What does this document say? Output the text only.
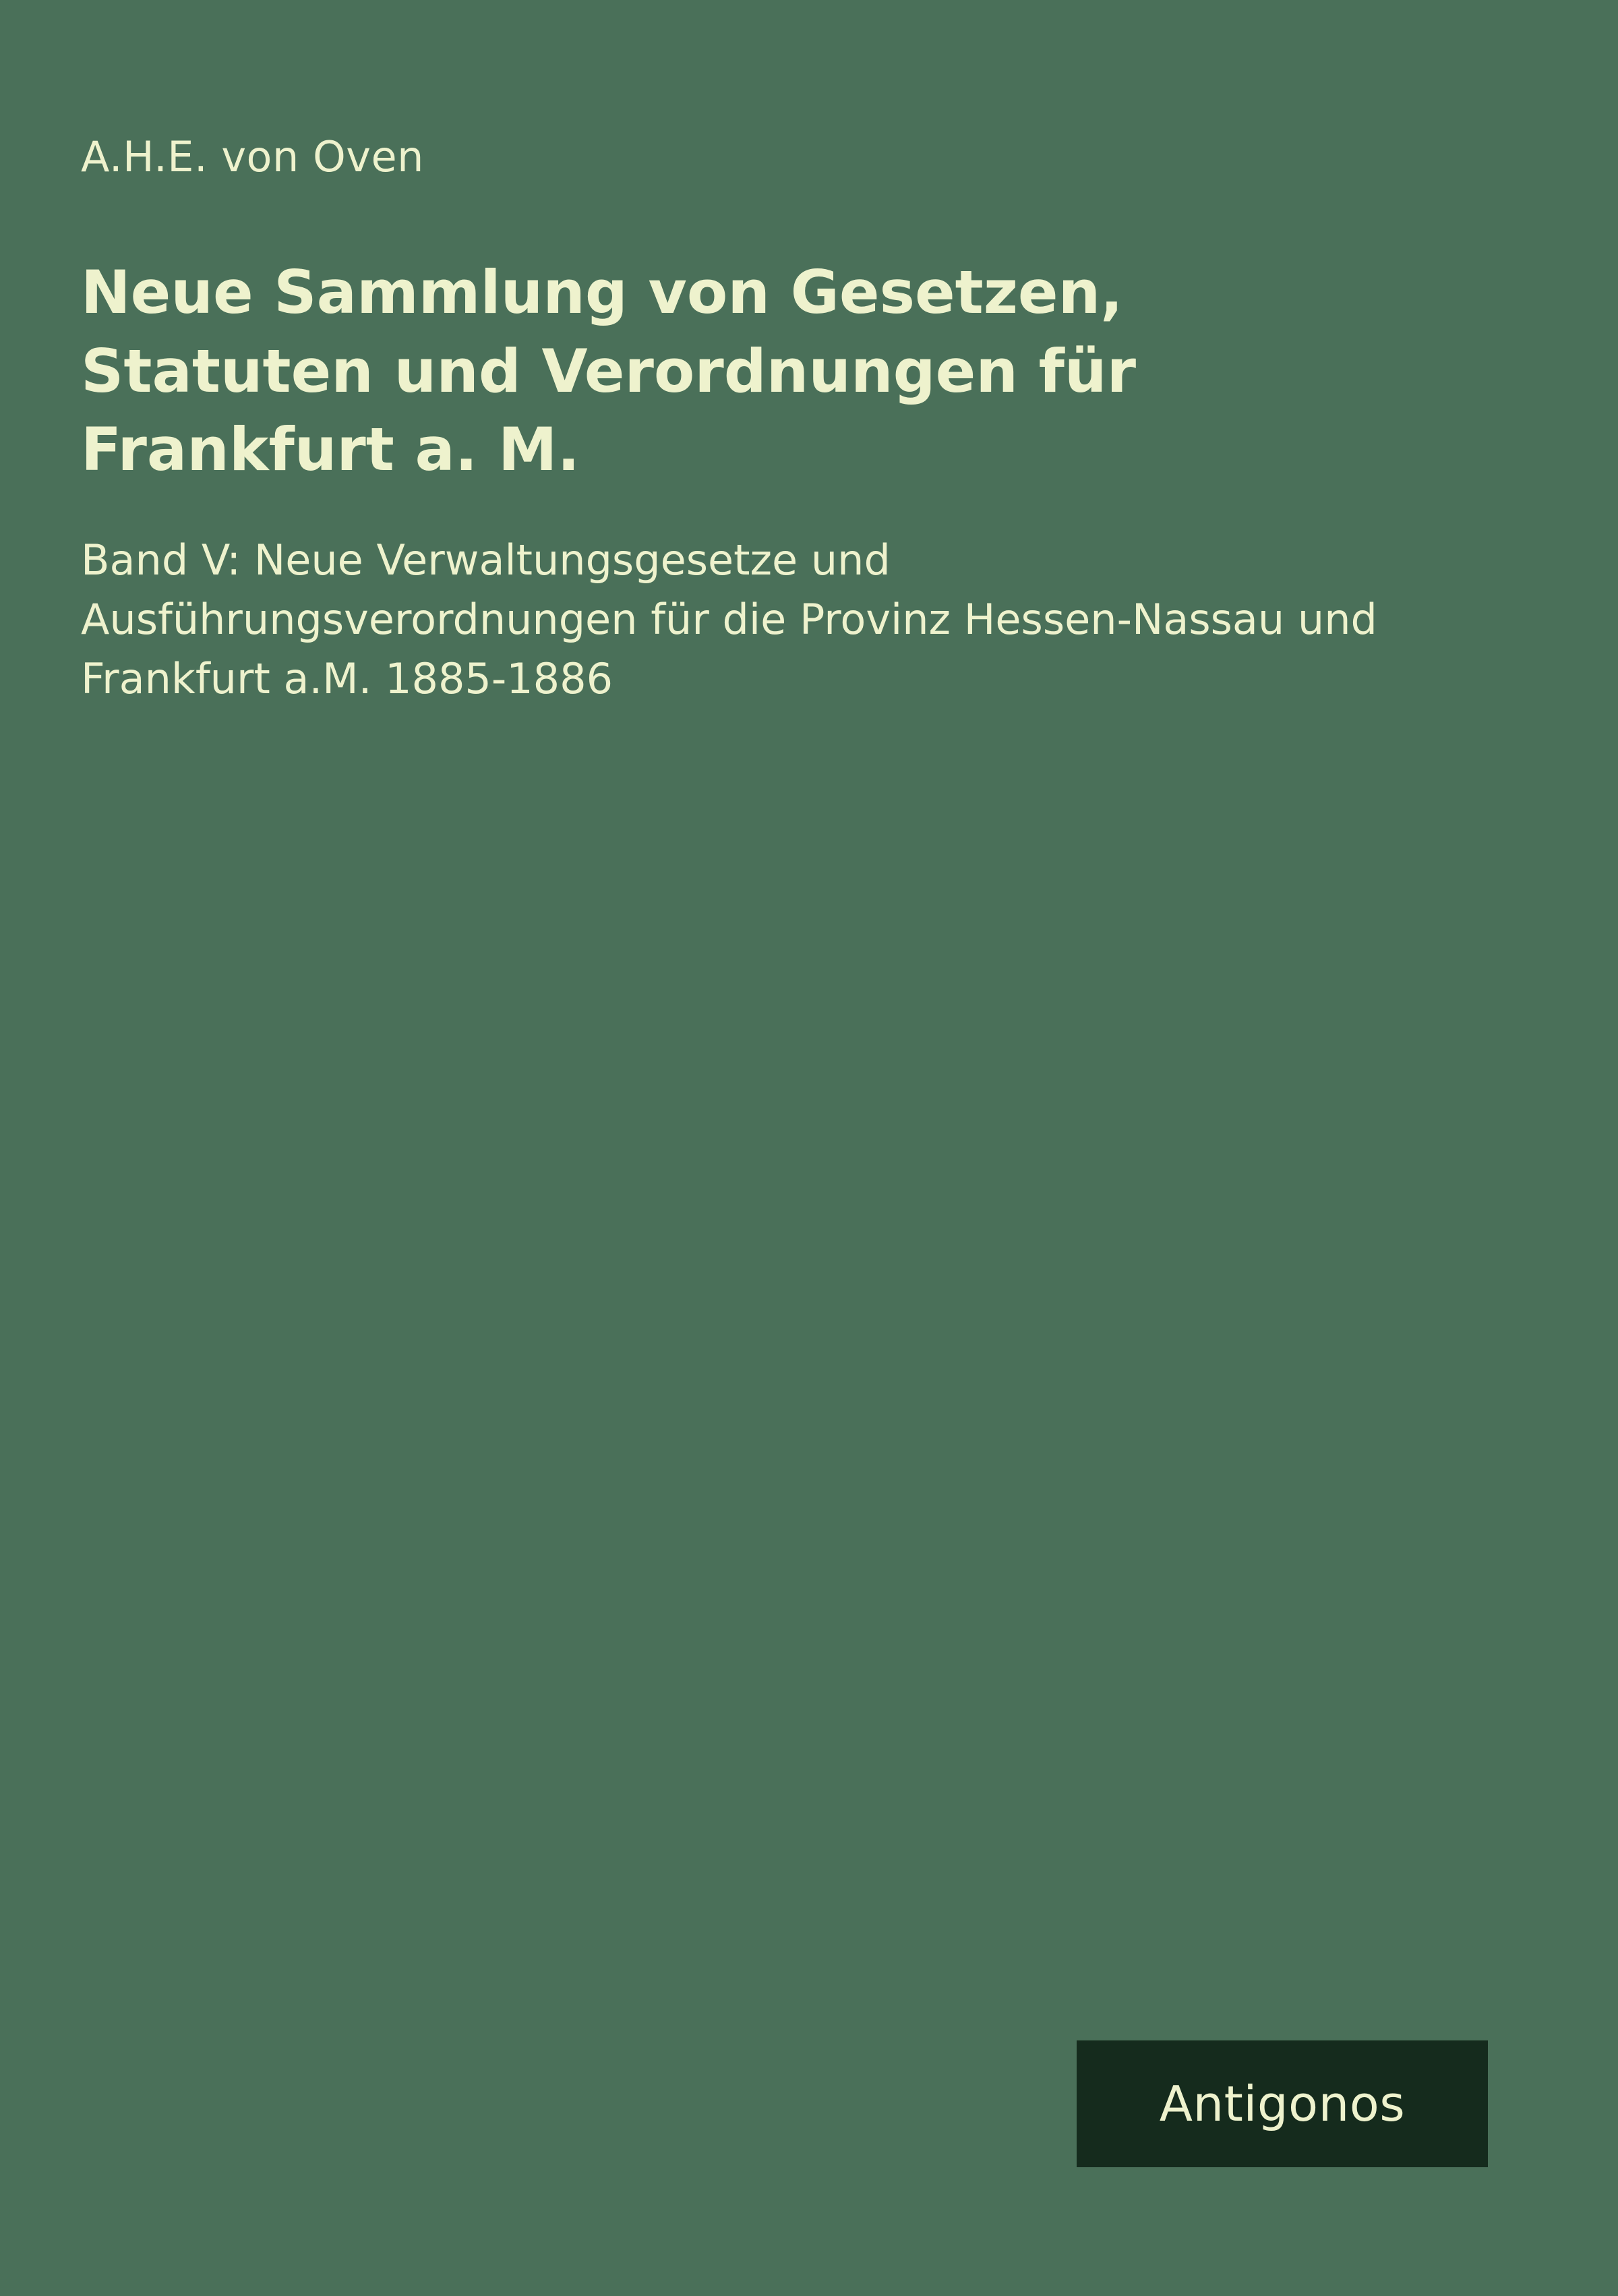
A.H.E. von Oven
Neue Sammlung von Gesetzen, Statuten und Verordnungen für Frankfurt a. M.
Band V: Neue Verwaltungsgesetze und Ausführungsverordnungen für die Provinz Hessen-Nassau und Frankfurt a.M. 1885-1886
Antigonos
